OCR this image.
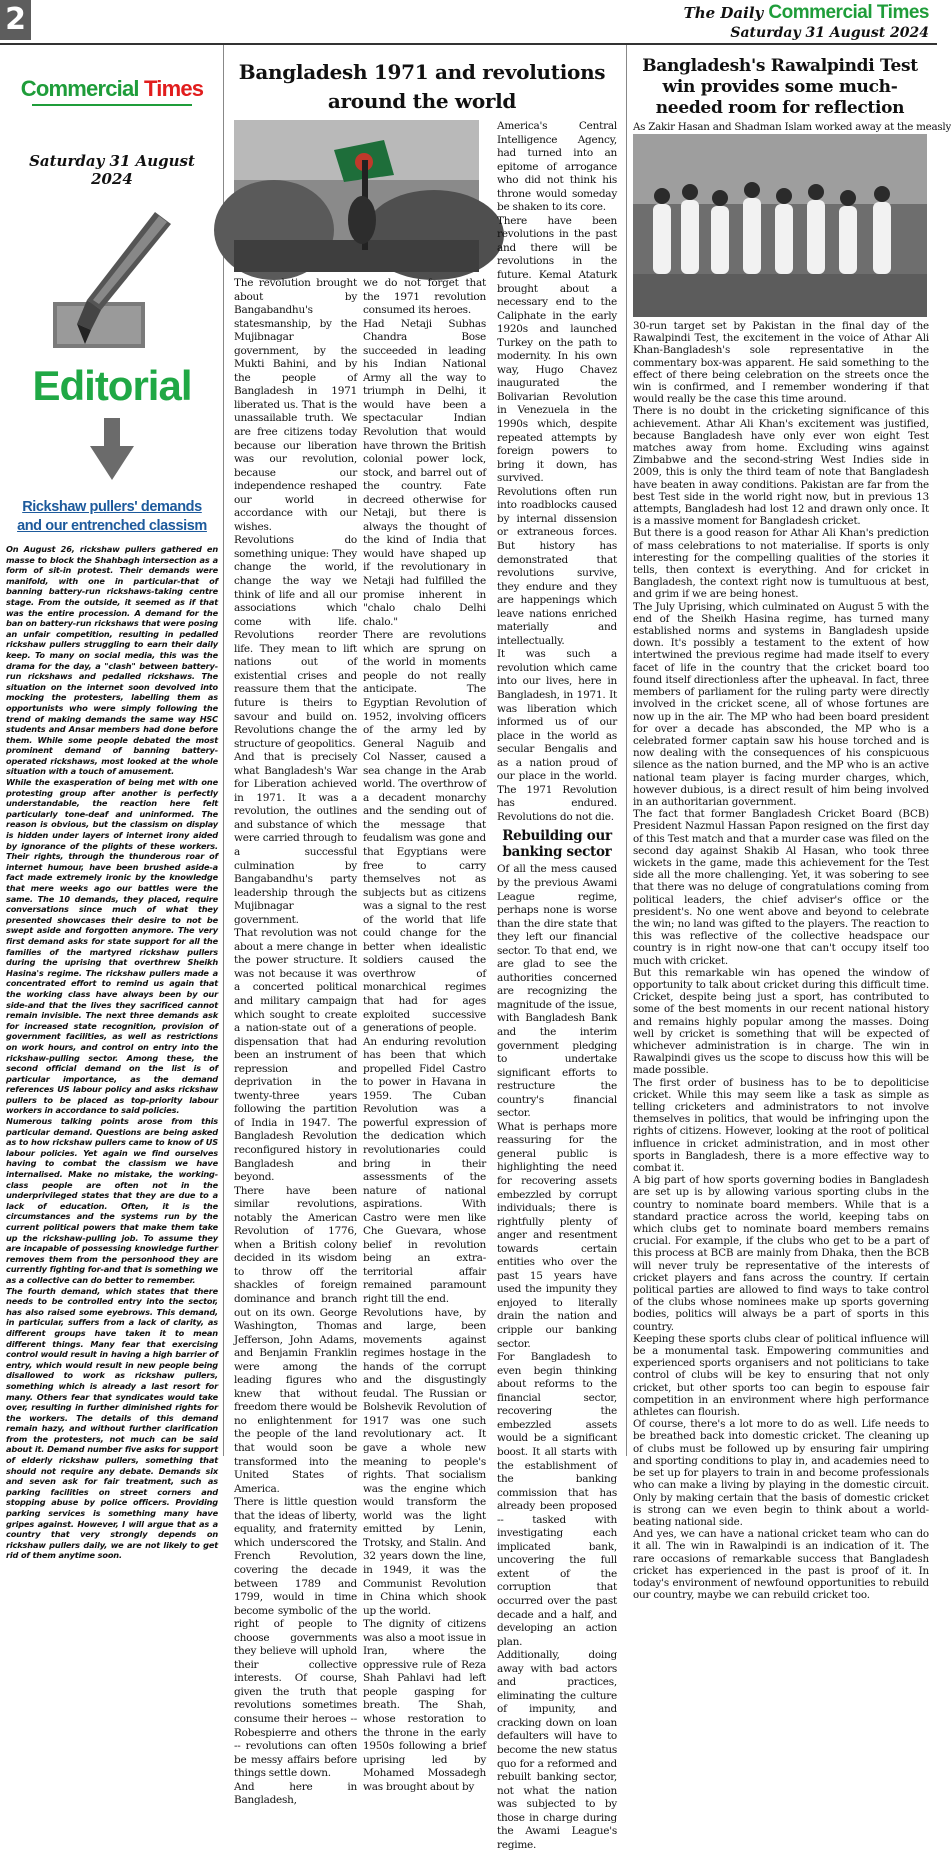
2	The Daily Commercial Times
Saturday 31 August 2024
Commercial Times
Saturday 31 August 2024
Editorial
Rickshaw pullers' demands and our entrenched classism

On August 26, rickshaw pullers gathered en masse to block the Shahbagh intersection as a form of sit-in protest. Their demands were manifold, with one in particular-that of banning battery-run rickshaws-taking centre stage. From the outside, it seemed as if that was the entire procession. A demand for the ban on battery-run rickshaws that were posing an unfair competition, resulting in pedalled rickshaw pullers struggling to earn their daily keep. To many on social media, this was the drama for the day, a "clash" between battery-run rickshaws and pedalled rickshaws. The situation on the internet soon devolved into mocking the protesters, labelling them as opportunists who were simply following the trend of making demands the same way HSC students and Ansar members had done before them. While some people debated the most prominent demand of banning battery-operated rickshaws, most looked at the whole situation with a touch of amusement.

While the exasperation of being met with one protesting group after another is perfectly understandable, the reaction here felt particularly tone-deaf and uninformed. The reason is obvious, but the classism on display is hidden under layers of internet irony aided by ignorance of the plights of these workers. Their rights, through the thunderous roar of internet humour, have been brushed aside-a fact made extremely ironic by the knowledge that mere weeks ago our battles were the same. The 10 demands, they placed, require conversations since much of what they presented showcases their desire to not be swept aside and forgotten anymore. The very first demand asks for state support for all the families of the martyred rickshaw pullers during the uprising that overthrew Sheikh Hasina's regime. The rickshaw pullers made a concentrated effort to remind us again that the working class have always been by our side-and that the lives they sacrificed cannot remain invisible. The next three demands ask for increased state recognition, provision of government facilities, as well as restrictions on work hours, and control on entry into the rickshaw-pulling sector. Among these, the second official demand on the list is of particular importance, as the demand references US labour policy and asks rickshaw pullers to be placed as top-priority labour workers in accordance to said policies.

Numerous talking points arose from this particular demand. Questions are being asked as to how rickshaw pullers came to know of US labour policies. Yet again we find ourselves having to combat the classism we have internalised. Make no mistake, the working-class people are often not in the underprivileged states that they are due to a lack of education. Often, it is the circumstances and the systems run by the current political powers that make them take up the rickshaw-pulling job. To assume they are incapable of possessing knowledge further removes them from the personhood they are currently fighting for-and that is something we as a collective can do better to remember.

The fourth demand, which states that there needs to be controlled entry into the sector, has also raised some eyebrows. This demand, in particular, suffers from a lack of clarity, as different groups have taken it to mean different things. Many fear that exercising control would result in having a high barrier of entry, which would result in new people being disallowed to work as rickshaw pullers, something which is already a last resort for many. Others fear that syndicates would take over, resulting in further diminished rights for the workers. The details of this demand remain hazy, and without further clarification from the protesters, not much can be said about it. Demand number five asks for support of elderly rickshaw pullers, something that should not require any debate. Demands six and seven ask for fair treatment, such as parking facilities on street corners and stopping abuse by police officers. Providing parking services is something many have gripes against. However, I will argue that as a country that very strongly depends on rickshaw pullers daily, we are not likely to get rid of them anytime soon.

Bangladesh 1971 and revolutions around the world

The revolution brought about by Bangabandhu's statesmanship, by the Mujibnagar government, by the Mukti Bahini, and by the people of Bangladesh in 1971 liberated us. That is the unassailable truth. We are free citizens today because our liberation was our revolution, because our independence reshaped our world in accordance with our wishes.

Revolutions do something unique: They change the world, change the way we think of life and all our associations which come with life. Revolutions reorder life. They mean to lift nations out of existential crises and reassure them that the future is theirs to savour and build on. Revolutions change the structure of geopolitics.

And that is precisely what Bangladesh's War for Liberation achieved in 1971. It was a revolution, the outlines and substance of which were carried through to a successful culmination by Bangabandhu's party leadership through the Mujibnagar government.

That revolution was not about a mere change in the power structure. It was not because it was a concerted political and military campaign which sought to create a nation-state out of a dispensation that had been an instrument of repression and deprivation in the twenty-three years following the partition of India in 1947. The Bangladesh Revolution reconfigured history in Bangladesh and beyond.

There have been similar revolutions, notably the American Revolution of 1776, when a British colony decided in its wisdom to throw off the shackles of foreign dominance and branch out on its own. George Washington, Thomas Jefferson, John Adams, and Benjamin Franklin were among the leading figures who knew that without freedom there would be no enlightenment for the people of the land that would soon be transformed into the United States of America.

There is little question that the ideas of liberty, equality, and fraternity which underscored the French Revolution, covering the decade between 1789 and 1799, would in time become symbolic of the right of people to choose governments they believe will uphold their collective interests. Of course, given the truth that revolutions sometimes consume their heroes -- Robespierre and others -- revolutions can often be messy affairs before things settle down.

And here in Bangladesh,

we do not forget that the 1971 revolution consumed its heroes.

Had Netaji Subhas Chandra Bose succeeded in leading his Indian National Army all the way to triumph in Delhi, it would have been a spectacular Indian Revolution that would have thrown the British colonial power lock, stock, and barrel out of the country. Fate decreed otherwise for Netaji, but there is always the thought of the kind of India that would have shaped up if the revolutionary in Netaji had fulfilled the promise inherent in "chalo chalo Delhi chalo."

There are revolutions which are sprung on the world in moments people do not really anticipate. The Egyptian Revolution of 1952, involving officers of the army led by General Naguib and Col Nasser, caused a sea change in the Arab world. The overthrow of a decadent monarchy and the sending out of the message that feudalism was gone and that Egyptians were free to carry themselves not as subjects but as citizens was a signal to the rest of the world that life could change for the better when idealistic soldiers caused the overthrow of monarchical regimes that had for ages exploited successive generations of people.

An enduring revolution has been that which propelled Fidel Castro to power in Havana in 1959. The Cuban Revolution was a powerful expression of the dedication which revolutionaries could bring in their assessments of the nature of national aspirations. With Castro were men like Che Guevara, whose belief in revolution being an extra-territorial affair remained paramount right till the end.

Revolutions have, by and large, been movements against regimes hostage in the hands of the corrupt and the disgustingly feudal. The Russian or Bolshevik Revolution of 1917 was one such revolutionary act. It gave a whole new meaning to people's rights. That socialism was the engine which would transform the world was the light emitted by Lenin, Trotsky, and Stalin. And 32 years down the line, in 1949, it was the Communist Revolution in China which shook up the world.

The dignity of citizens was also a moot issue in Iran, where the oppressive rule of Reza Shah Pahlavi had left people gasping for breath. The Shah, whose restoration to the throne in the early 1950s following a brief uprising led by Mohamed Mossadegh was brought about by

America's Central Intelligence Agency, had turned into an epitome of arrogance who did not think his throne would someday be shaken to its core.

There have been revolutions in the past and there will be revolutions in the future. Kemal Ataturk brought about a necessary end to the Caliphate in the early 1920s and launched Turkey on the path to modernity. In his own way, Hugo Chavez inaugurated the Bolivarian Revolution in Venezuela in the 1990s which, despite repeated attempts by foreign powers to bring it down, has survived.

Revolutions often run into roadblocks caused by internal dissension or extraneous forces. But history has demonstrated that revolutions survive, they endure and they are happenings which leave nations enriched materially and intellectually.

It was such a revolution which came into our lives, here in Bangladesh, in 1971. It was liberation which informed us of our place in the world as secular Bengalis and as a nation proud of our place in the world. The 1971 Revolution has endured. Revolutions do not die.

Rebuilding our banking sector

Of all the mess caused by the previous Awami League regime, perhaps none is worse than the dire state that they left our financial sector. To that end, we are glad to see the authorities concerned are recognizing the magnitude of the issue, with Bangladesh Bank and the interim government pledging to undertake significant efforts to restructure the country's financial sector.

What is perhaps more reassuring for the general public is highlighting the need for recovering assets embezzled by corrupt individuals; there is rightfully plenty of anger and resentment towards certain entities who over the past 15 years have used the impunity they enjoyed to literally drain the nation and cripple our banking sector.

For Bangladesh to even begin thinking about reforms to the financial sector, recovering the embezzled assets would be a significant boost. It all starts with the establishment of the banking commission that has already been proposed -- tasked with investigating each implicated bank, uncovering the full extent of the corruption that occurred over the past decade and a half, and developing an action plan.

Additionally, doing away with bad actors and practices, eliminating the culture of impunity, and cracking down on loan defaulters will have to become the new status quo for a reformed and rebuilt banking sector, not what the nation was subjected to by those in charge during the Awami League's regime.

Bangladesh's Rawalpindi Test win provides some much-needed room for reflection

As Zakir Hasan and Shadman Islam worked away at the measly

30-run target set by Pakistan in the final day of the Rawalpindi Test, the excitement in the voice of Athar Ali Khan-Bangladesh's sole representative in the commentary box-was apparent. He said something to the effect of there being celebration on the streets once the win is confirmed, and I remember wondering if that would really be the case this time around.

There is no doubt in the cricketing significance of this achievement. Athar Ali Khan's excitement was justified, because Bangladesh have only ever won eight Test matches away from home. Excluding wins against Zimbabwe and the second-string West Indies side in 2009, this is only the third team of note that Bangladesh have beaten in away conditions. Pakistan are far from the best Test side in the world right now, but in previous 13 attempts, Bangladesh had lost 12 and drawn only once. It is a massive moment for Bangladesh cricket.

But there is a good reason for Athar Ali Khan's prediction of mass celebrations to not materialise. If sports is only interesting for the compelling qualities of the stories it tells, then context is everything. And for cricket in Bangladesh, the context right now is tumultuous at best, and grim if we are being honest.

The July Uprising, which culminated on August 5 with the end of the Sheikh Hasina regime, has turned many established norms and systems in Bangladesh upside down. It's possibly a testament to the extent of how intertwined the previous regime had made itself to every facet of life in the country that the cricket board too found itself directionless after the upheaval. In fact, three members of parliament for the ruling party were directly involved in the cricket scene, all of whose fortunes are now up in the air. The MP who had been board president for over a decade has absconded, the MP who is a celebrated former captain saw his house torched and is now dealing with the consequences of his conspicuous silence as the nation burned, and the MP who is an active national team player is facing murder charges, which, however dubious, is a direct result of him being involved in an authoritarian government.

The fact that former Bangladesh Cricket Board (BCB) President Nazmul Hassan Papon resigned on the first day of this Test match and that a murder case was filed on the second day against Shakib Al Hasan, who took three wickets in the game, made this achievement for the Test side all the more challenging. Yet, it was sobering to see that there was no deluge of congratulations coming from political leaders, the chief adviser's office or the president's. No one went above and beyond to celebrate the win; no land was gifted to the players. The reaction to this was reflective of the collective headspace our country is in right now-one that can't occupy itself too much with cricket.

But this remarkable win has opened the window of opportunity to talk about cricket during this difficult time. Cricket, despite being just a sport, has contributed to some of the best moments in our recent national history and remains highly popular among the masses. Doing well by cricket is something that will be expected of whichever administration is in charge. The win in Rawalpindi gives us the scope to discuss how this will be made possible.

The first order of business has to be to depoliticise cricket. While this may seem like a task as simple as telling cricketers and administrators to not involve themselves in politics, that would be infringing upon the rights of citizens. However, looking at the root of political influence in cricket administration, and in most other sports in Bangladesh, there is a more effective way to combat it.

A big part of how sports governing bodies in Bangladesh are set up is by allowing various sporting clubs in the country to nominate board members. While that is a standard practice across the world, keeping tabs on which clubs get to nominate board members remains crucial. For example, if the clubs who get to be a part of this process at BCB are mainly from Dhaka, then the BCB will never truly be representative of the interests of cricket players and fans across the country. If certain political parties are allowed to find ways to take control of the clubs whose nominees make up sports governing bodies, politics will always be a part of sports in this country.

Keeping these sports clubs clear of political influence will be a monumental task. Empowering communities and experienced sports organisers and not politicians to take control of clubs will be key to ensuring that not only cricket, but other sports too can begin to espouse fair competition in an environment where high performance athletes can flourish.

Of course, there's a lot more to do as well. Life needs to be breathed back into domestic cricket. The cleaning up of clubs must be followed up by ensuring fair umpiring and sporting conditions to play in, and academies need to be set up for players to train in and become professionals who can make a living by playing in the domestic circuit. Only by making certain that the basis of domestic cricket is strong can we even begin to think about a world-beating national side.

And yes, we can have a national cricket team who can do it all. The win in Rawalpindi is an indication of it. The rare occasions of remarkable success that Bangladesh cricket has experienced in the past is proof of it. In today's environment of newfound opportunities to rebuild our country, maybe we can rebuild cricket too.
